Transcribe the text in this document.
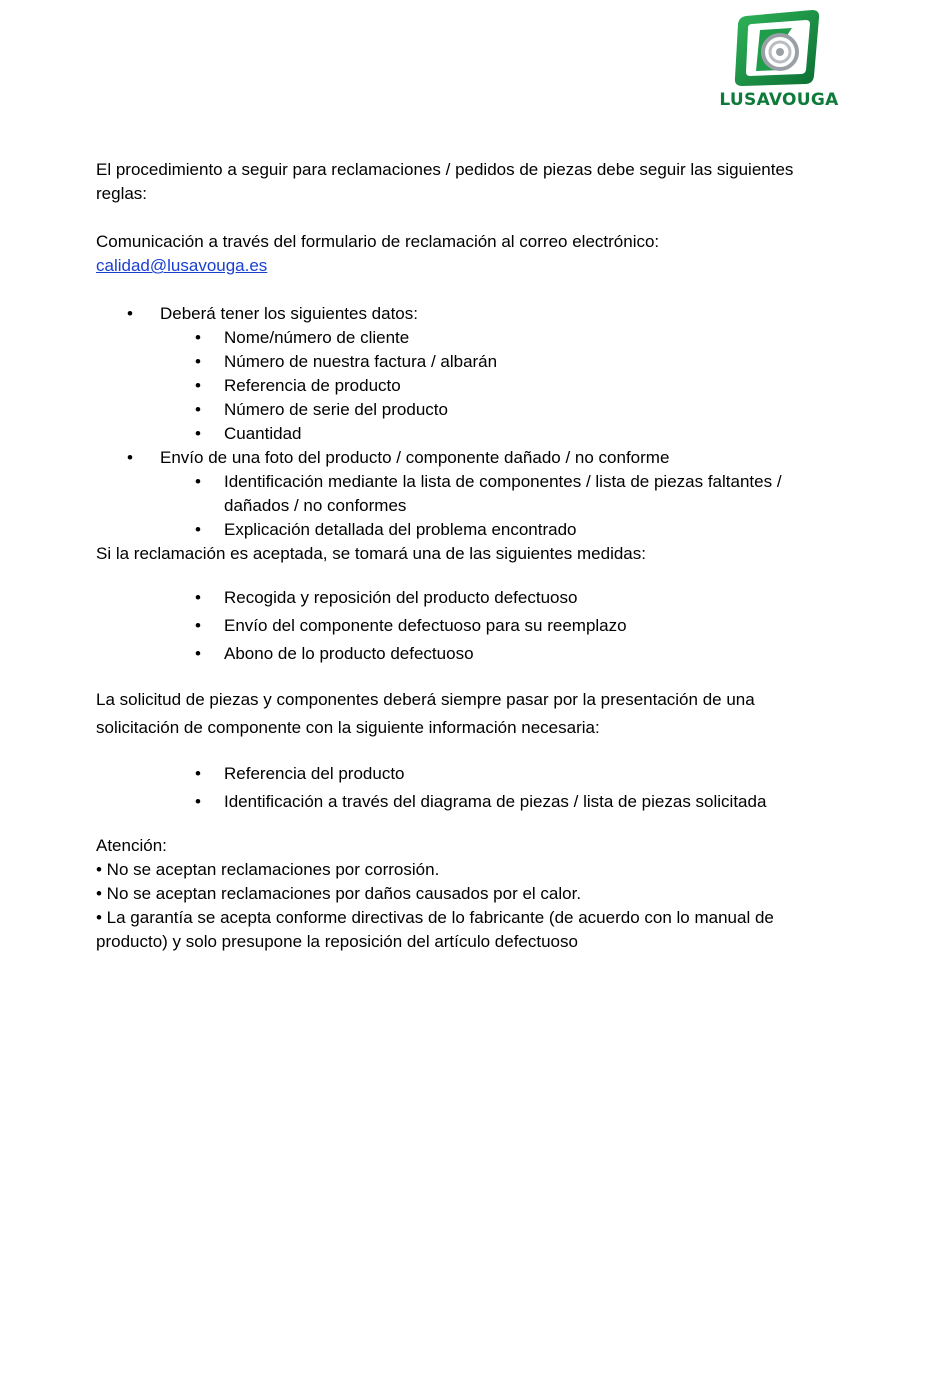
LUSAVOUGA

El procedimiento a seguir para reclamaciones / pedidos de piezas debe seguir las siguientes reglas:

Comunicación a través del formulario de reclamación al correo electrónico:

calidad@lusavouga.es

• Deberá tener los siguientes datos:
• Nome/número de cliente
• Número de nuestra factura / albarán
• Referencia de producto
• Número de serie del producto
• Cuantidad
• Envío de una foto del producto / componente dañado / no conforme
• Identificación mediante la lista de componentes / lista de piezas faltantes / dañados / no conformes
• Explicación detallada del problema encontrado

Si la reclamación es aceptada, se tomará una de las siguientes medidas:

• Recogida y reposición del producto defectuoso
• Envío del componente defectuoso para su reemplazo
• Abono de lo producto defectuoso

La solicitud de piezas y componentes deberá siempre pasar por la presentación de una solicitación de componente con la siguiente información necesaria:

• Referencia del producto
• Identificación a través del diagrama de piezas / lista de piezas solicitada

Atención:

• No se aceptan reclamaciones por corrosión.

• No se aceptan reclamaciones por daños causados por el calor.

• La garantía se acepta conforme directivas de lo fabricante (de acuerdo con lo manual de producto) y solo presupone la reposición del artículo defectuoso
